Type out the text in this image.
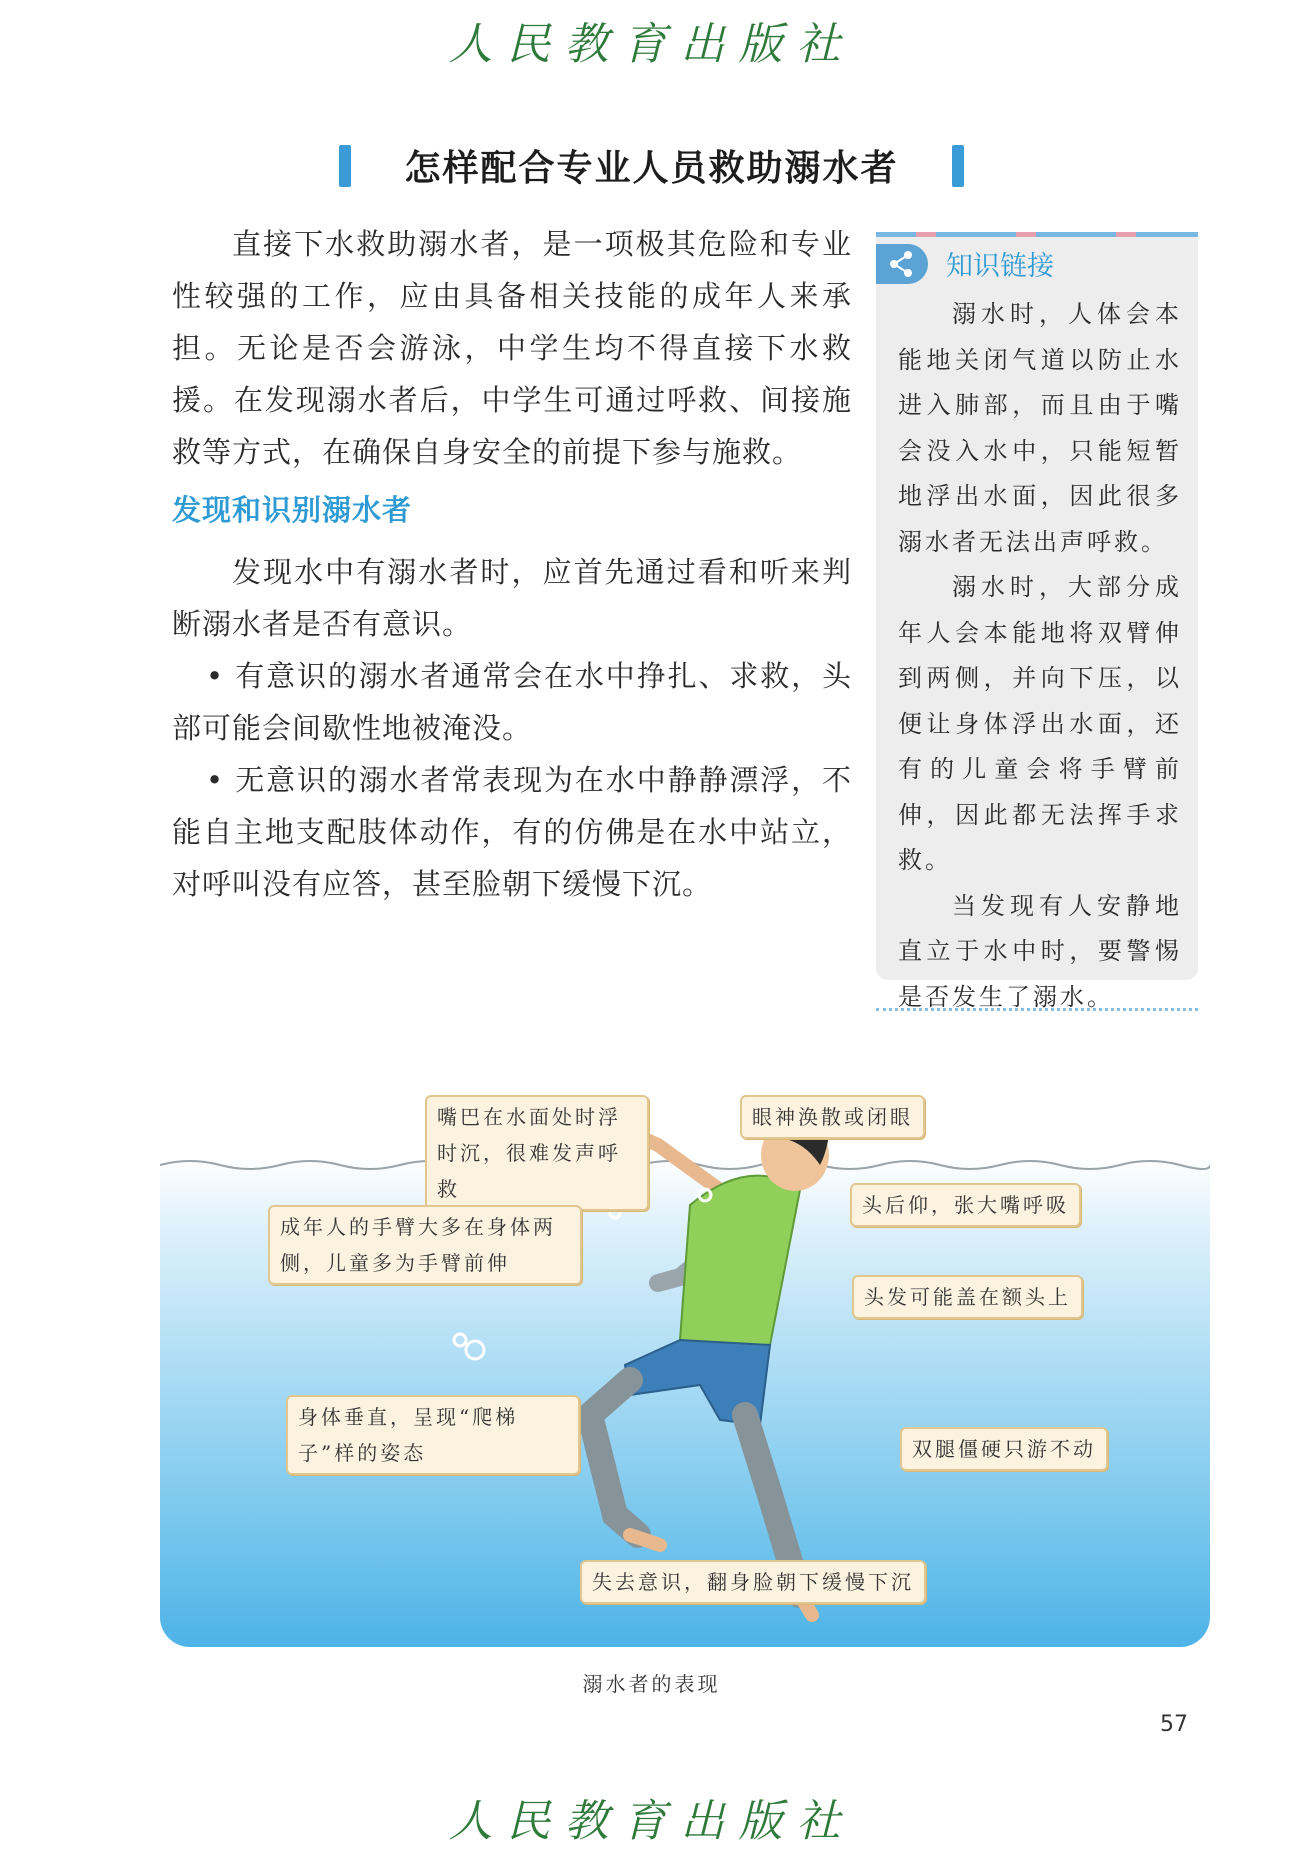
人民教育出版社
怎样配合专业人员救助溺水者

直接下水救助溺水者，是一项极其危险和专业性较强的工作，应由具备相关技能的成年人来承担。无论是否会游泳，中学生均不得直接下水救援。在发现溺水者后，中学生可通过呼救、间接施救等方式，在确保自身安全的前提下参与施救。

发现和识别溺水者

发现水中有溺水者时，应首先通过看和听来判断溺水者是否有意识。

• 有意识的溺水者通常会在水中挣扎、求救，头部可能会间歇性地被淹没。

• 无意识的溺水者常表现为在水中静静漂浮，不能自主地支配肢体动作，有的仿佛是在水中站立，对呼叫没有应答，甚至脸朝下缓慢下沉。

知识链接

溺水时，人体会本能地关闭气道以防止水进入肺部，而且由于嘴会没入水中，只能短暂地浮出水面，因此很多溺水者无法出声呼救。

溺水时，大部分成年人会本能地将双臂伸到两侧，并向下压，以便让身体浮出水面，还有的儿童会将手臂前伸，因此都无法挥手求救。

当发现有人安静地直立于水中时，要警惕是否发生了溺水。

嘴巴在水面处时浮时沉，很难发声呼救
眼神涣散或闭眼
头后仰，张大嘴呼吸
成年人的手臂大多在身体两侧，儿童多为手臂前伸
头发可能盖在额头上
身体垂直，呈现“爬梯子”样的姿态	双腿僵硬只游不动
失去意识，翻身脸朝下缓慢下沉
溺水者的表现
57
人民教育出版社
